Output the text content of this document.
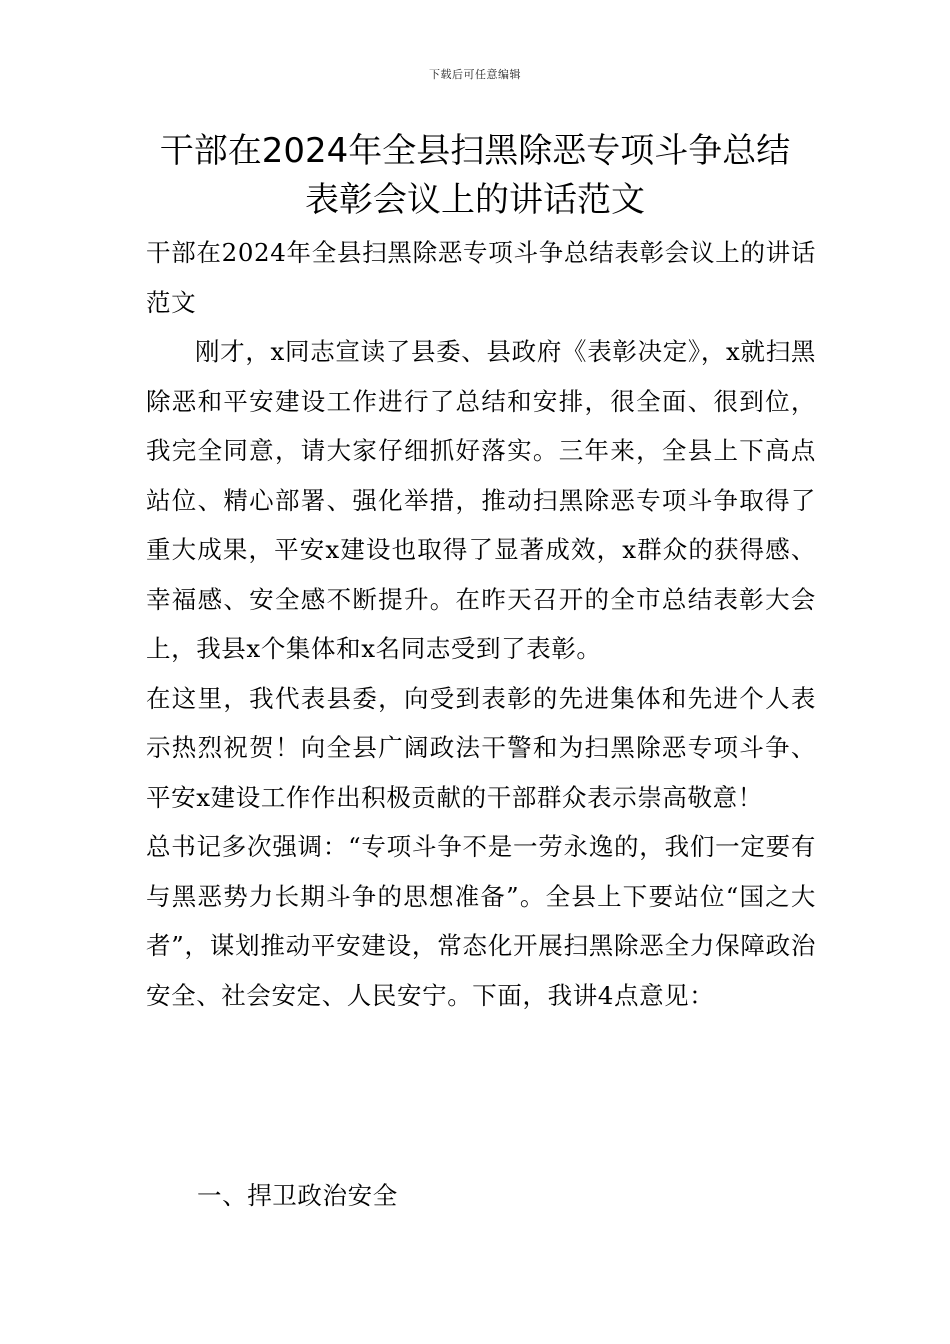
下载后可任意编辑
干部在2024年全县扫黑除恶专项斗争总结
表彰会议上的讲话范文

干部在2024年全县扫黑除恶专项斗争总结表彰会议上的讲话范文

刚才，x同志宣读了县委、县政府《表彰决定》，x就扫黑除恶和平安建设工作进行了总结和安排，很全面、很到位，我完全同意，请大家仔细抓好落实。三年来，全县上下高点站位、精心部署、强化举措，推动扫黑除恶专项斗争取得了重大成果，平安x建设也取得了显著成效，x群众的获得感、幸福感、安全感不断提升。在昨天召开的全市总结表彰大会上，我县x个集体和x名同志受到了表彰。

在这里，我代表县委，向受到表彰的先进集体和先进个人表示热烈祝贺！向全县广阔政法干警和为扫黑除恶专项斗争、平安x建设工作作出积极贡献的干部群众表示崇高敬意！

总书记多次强调：“专项斗争不是一劳永逸的，我们一定要有与黑恶势力长期斗争的思想准备”。全县上下要站位“国之大者”，谋划推动平安建设，常态化开展扫黑除恶全力保障政治安全、社会安定、人民安宁。下面，我讲4点意见：

一、捍卫政治安全
